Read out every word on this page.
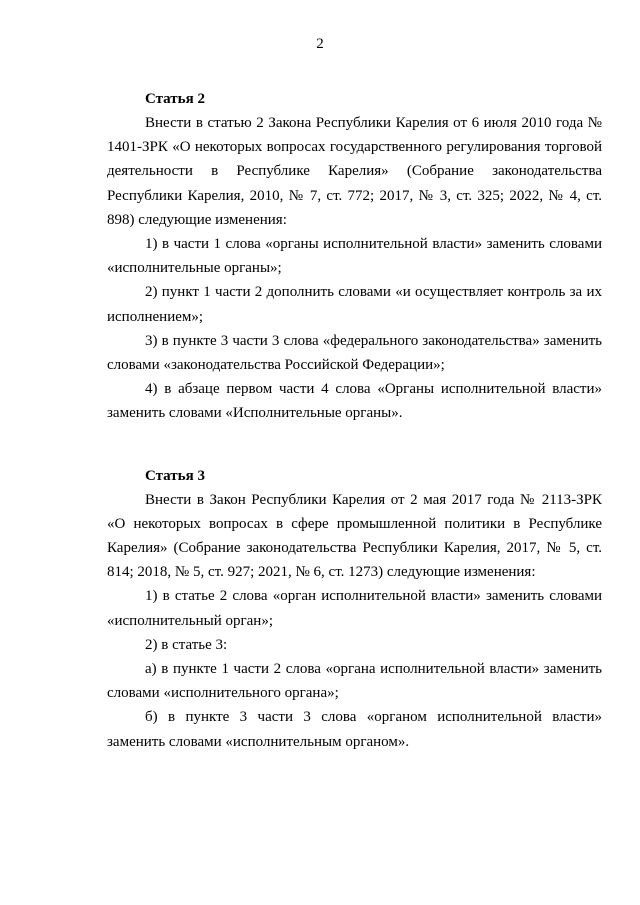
2

Статья 2

Внести в статью 2 Закона Республики Карелия от 6 июля 2010 года № 1401-ЗРК «О некоторых вопросах государственного регулирования торговой деятельности в Республике Карелия» (Собрание законодательства Республики Карелия, 2010, № 7, ст. 772; 2017, № 3, ст. 325; 2022, № 4, ст. 898) следующие изменения:

1) в части 1 слова «органы исполнительной власти» заменить словами «исполнительные органы»;

2) пункт 1 части 2 дополнить словами «и осуществляет контроль за их исполнением»;

3) в пункте 3 части 3 слова «федерального законодательства» заменить словами «законодательства Российской Федерации»;

4) в абзаце первом части 4 слова «Органы исполнительной власти» заменить словами «Исполнительные органы».

Статья 3

Внести в Закон Республики Карелия от 2 мая 2017 года № 2113-ЗРК «О некоторых вопросах в сфере промышленной политики в Республике Карелия» (Собрание законодательства Республики Карелия, 2017, № 5, ст. 814; 2018, № 5, ст. 927; 2021, № 6, ст. 1273) следующие изменения:

1) в статье 2 слова «орган исполнительной власти» заменить словами «исполнительный орган»;

2) в статье 3:

а) в пункте 1 части 2 слова «органа исполнительной власти» заменить словами «исполнительного органа»;

б) в пункте 3 части 3 слова «органом исполнительной власти» заменить словами «исполнительным органом».
